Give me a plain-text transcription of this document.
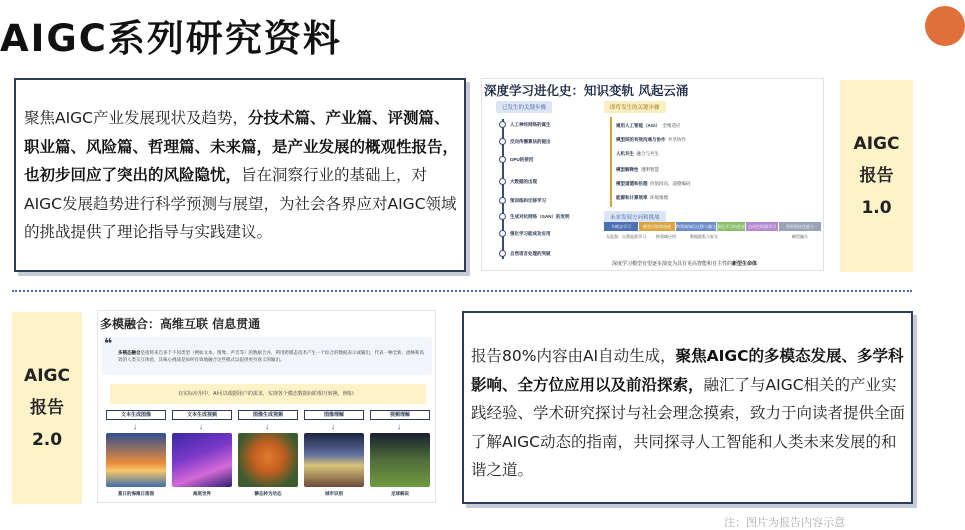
AIGC系列研究资料

聚焦AIGC产业发展现状及趋势，分技术篇、产业篇、评测篇、职业篇、风险篇、哲理篇、未来篇，是产业发展的概观性报告，也初步回应了突出的风险隐忧，旨在洞察行业的基础上，对AIGC发展趋势进行科学预测与展望，为社会各界应对AIGC领域的挑战提供了理论指导与实践建议。

深度学习进化史：知识变轨 风起云涌
已发生的关键步骤	即将发生的关键步骤
人工神经网络的诞生
反向传播算法的提出
GPU的使用
大数据的出现
预训练和迁移学习
生成对抗网络（GAN）的发明
强化学习能成功应用
自然语言处理的突破
通用人工智能（AGI） 全维适应
模型间的有效沟通与协作 共享协作
人机共生 融合与共生
模型解释性 透明智慧
模型道德和伦理 价值同向，道德编码
能源和计算效率 环境推理
未来发展方向和挑战
多模态学习	模型压缩和加速	跨领域知识迁移与融合 强化学习的进步 自动化机器学习	更好的泛化能力
无监督、自我监督学习	跨领域应用	数据隐私与安全	模型融合
深度学习模型有望逐步演变为具有更高智能和自主性的新型生命体
AIGC
报告
1.0
AIGC
报告
2.0
多模融合：高维互联 信息贯通
❝
多模态融合是指将来自多个不同类型（例如文本、图像、声音等）的数据合并，利用跨模态技术产生一个综合的数据表示或输出，代表一种全新、流畅和高效的人类交互体验，其核心挑战是如何有效地融合这些模式以提供更有意义的输出。
在实际应用中，AI可以根据用户的需求，实现各个模态数据间的相互转换，例如：
文本生成图像	文本生成视频	图像生成视频	图像理解	视频理解
↓	↓	↓	↓	↓
夏日的海滩日落图	海底世界	静态转为动态	城市识别	足球解说

报告80%内容由AI自动生成，聚焦AIGC的多模态发展、多学科影响、全方位应用以及前沿探索，融汇了与AIGC相关的产业实践经验、学术研究探讨与社会理念摸索，致力于向读者提供全面了解AIGC动态的指南，共同探寻人工智能和人类未来发展的和谐之道。

注：图片为报告内容示意
